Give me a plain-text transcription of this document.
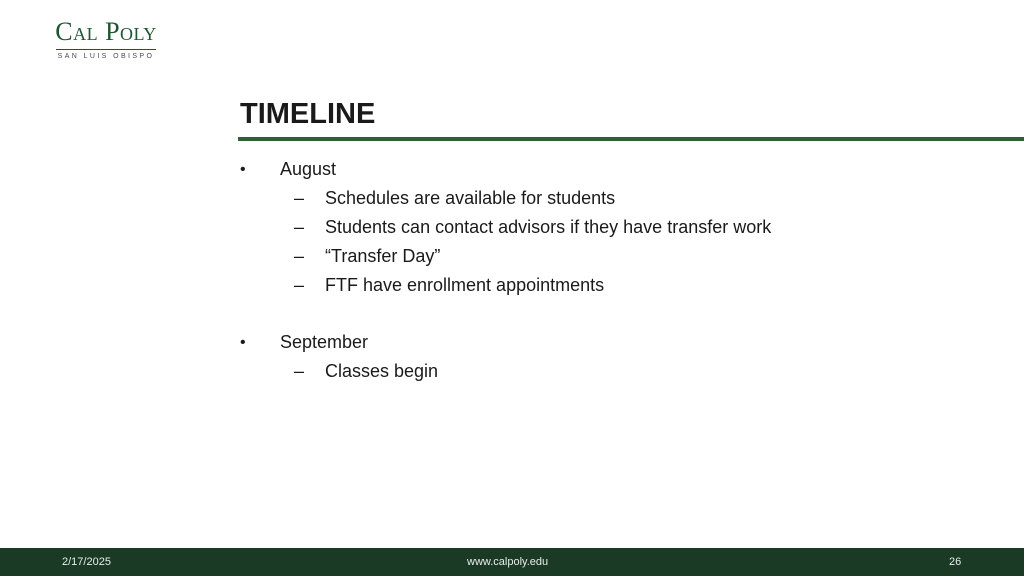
Cal Poly
SAN LUIS OBISPO
TIMELINE
• August
– Schedules are available for students
– Students can contact advisors if they have transfer work
– “Transfer Day”
– FTF have enrollment appointments
• September
– Classes begin
2/17/2025	www.calpoly.edu	26
